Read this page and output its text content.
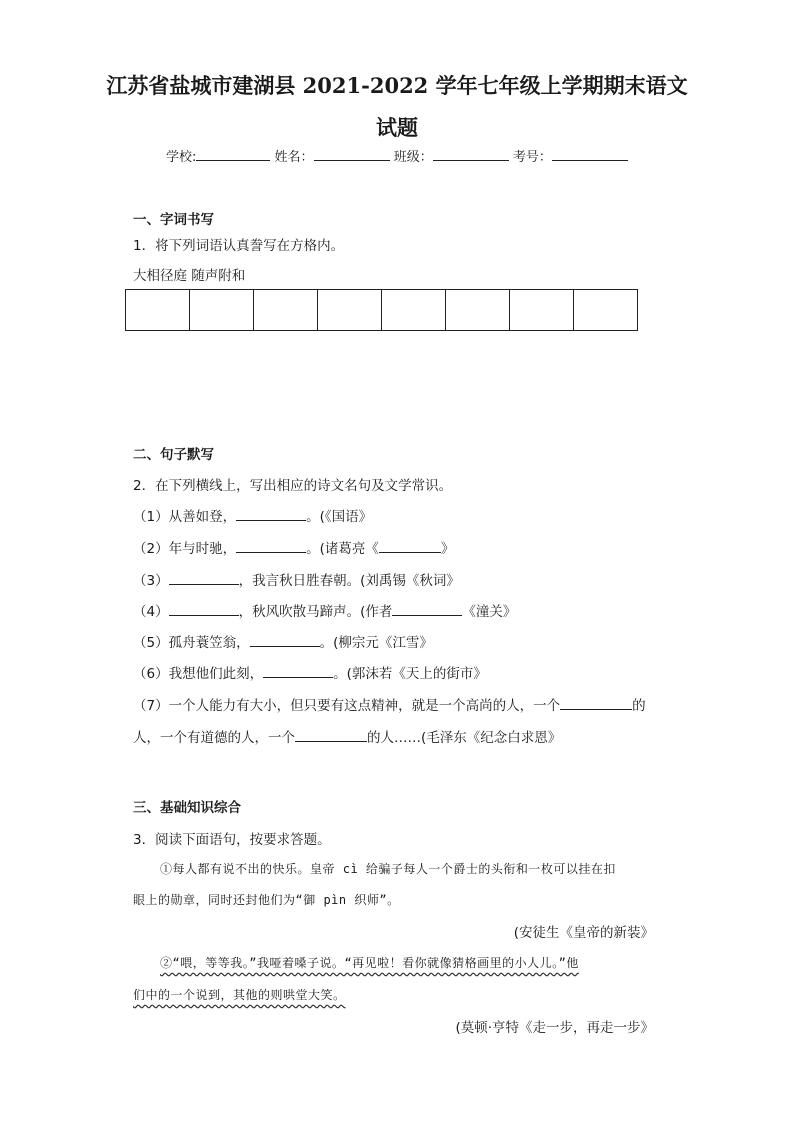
江苏省盐城市建湖县 2021-2022 学年七年级上学期期末语文
试题
学校:	姓名：	班级：	考号：
一、字词书写
1．将下列词语认真誊写在方格内。
大相径庭 随声附和

二、句子默写
2．在下列横线上，写出相应的诗文名句及文学常识。
（1）从善如登，	。(《国语》
（2）年与时驰，	。(诸葛亮《	》
（3）	，我言秋日胜春朝。(刘禹锡《秋词》
（4）	，秋风吹散马蹄声。(作者	《潼关》
（5）孤舟蓑笠翁，	。(柳宗元《江雪》
（6）我想他们此刻，	。(郭沫若《天上的街市》
（7）一个人能力有大小，但只要有这点精神，就是一个高尚的人，一个	的
人，一个有道德的人，一个	的人……(毛泽东《纪念白求恩》
三、基础知识综合
3．阅读下面语句，按要求答题。
①每人都有说不出的快乐。皇帝 cì 给骗子每人一个爵士的头衔和一枚可以挂在扣
眼上的勋章，同时还封他们为“御 pìn 织师”。
(安徒生《皇帝的新装》
②“喂，等等我。”我哑着嗓子说。“再见啦！看你就像猜格画里的小人儿。”他
们中的一个说到，其他的则哄堂大笑。
(莫顿·亨特《走一步，再走一步》
